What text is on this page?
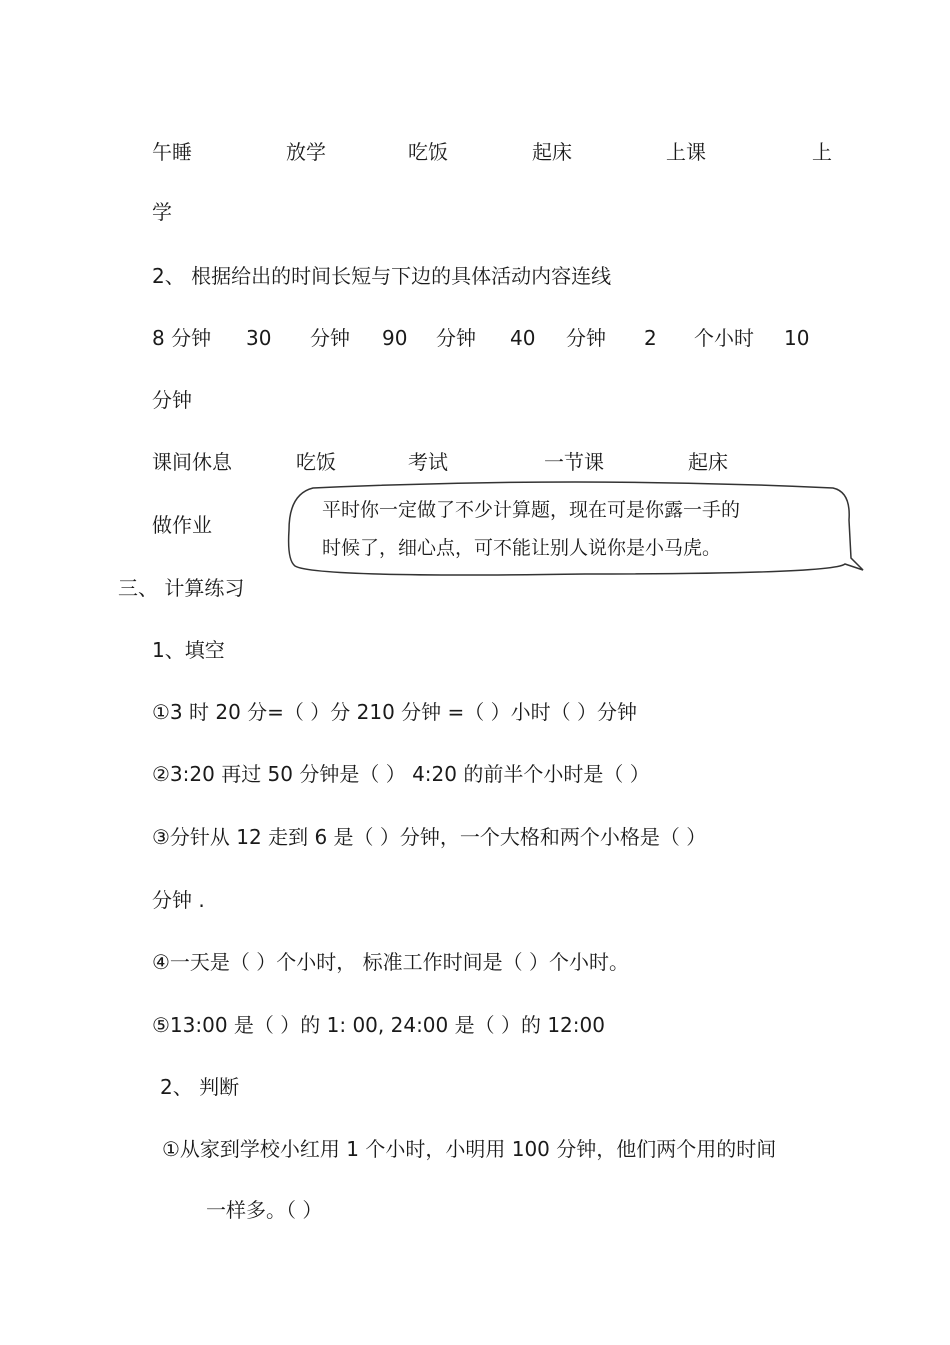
午睡	放学	吃饭	起床	上课	上
学
2、 根据给出的时间长短与下边的具体活动内容连线
8 分钟 30 分钟 90 分钟 40 分钟 2 个小时 10
分钟
课间休息	吃饭	考试	一节课	起床
做作业
平时你一定做了不少计算题，现在可是你露一手的
时候了，细心点，可不能让别人说你是小马虎。
三、 计算练习
1、填空
①3 时 20 分=（ ）分 210 分钟 =（ ）小时（ ）分钟
②3:20 再过 50 分钟是（ ） 4:20 的前半个小时是（ ）
③分针从 12 走到 6 是（ ）分钟，一个大格和两个小格是（ ）
分钟 .
④一天是（ ）个小时， 标准工作时间是（ ）个小时。
⑤13:00 是（ ）的 1: 00, 24:00 是（ ）的 12:00
2、 判断
①从家到学校小红用 1 个小时，小明用 100 分钟，他们两个用的时间
一样多。（ ）
